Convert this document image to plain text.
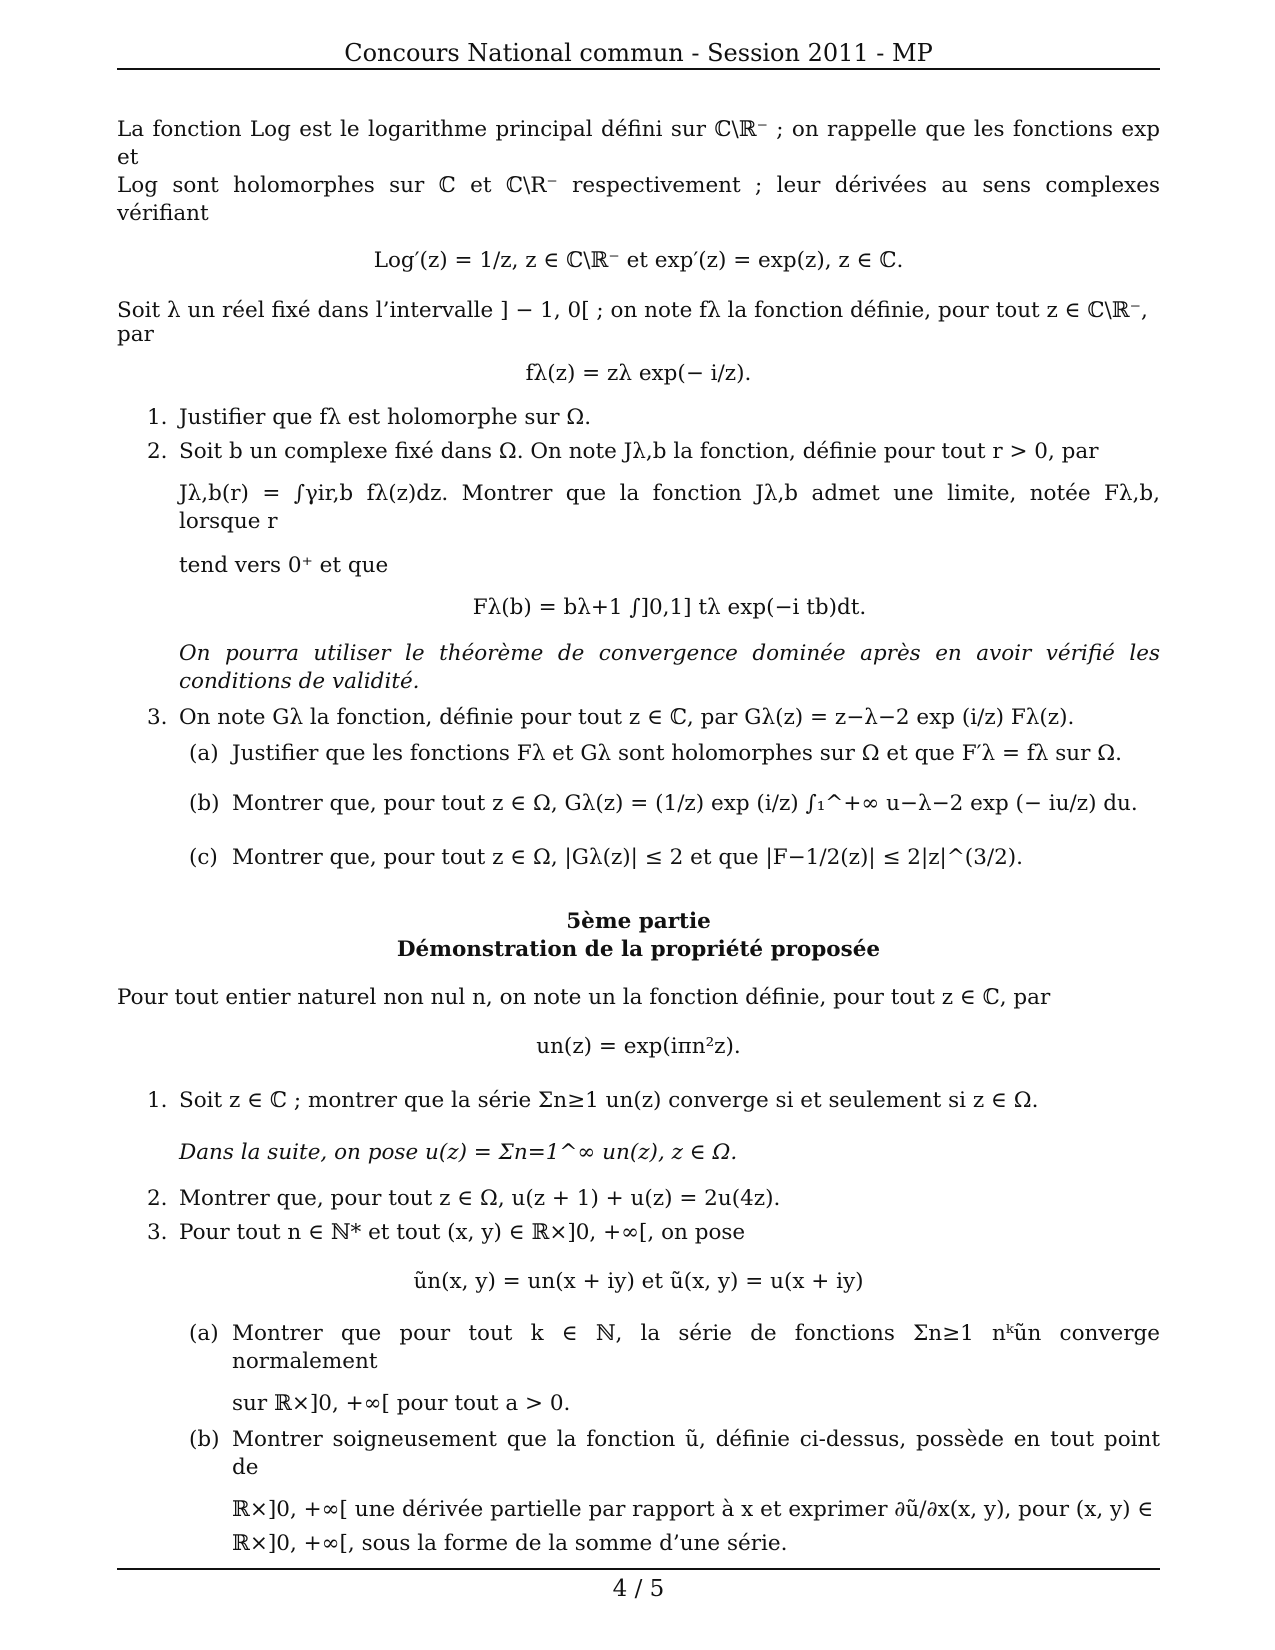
Concours National commun - Session 2011 - MP

La fonction Log est le logarithme principal défini sur ℂ\ℝ⁻ ; on rappelle que les fonctions exp et

Log sont holomorphes sur ℂ et ℂ\R⁻ respectivement ; leur dérivées au sens complexes vérifiant

Log′(z) = 1/z, z ∈ ℂ\ℝ⁻ et exp′(z) = exp(z), z ∈ ℂ.

Soit λ un réel fixé dans l’intervalle ] − 1, 0[ ; on note fλ la fonction définie, pour tout z ∈ ℂ\ℝ⁻,

par

fλ(z) = zλ exp(− i/z).

1. Justifier que fλ est holomorphe sur Ω.
2. Soit b un complexe fixé dans Ω. On note Jλ,b la fonction, définie pour tout r > 0, par
Jλ,b(r) = ∫γir,b fλ(z)dz. Montrer que la fonction Jλ,b admet une limite, notée Fλ,b, lorsque r
tend vers 0⁺ et que
Fλ(b) = bλ+1 ∫]0,1] tλ exp(−i tb)dt.
On pourra utiliser le théorème de convergence dominée après en avoir vérifié les conditions de validité.
3. On note Gλ la fonction, définie pour tout z ∈ ℂ, par Gλ(z) = z−λ−2 exp (i/z) Fλ(z).
(a) Justifier que les fonctions Fλ et Gλ sont holomorphes sur Ω et que F′λ = fλ sur Ω.
(b) Montrer que, pour tout z ∈ Ω, Gλ(z) = (1/z) exp (i/z) ∫₁^+∞ u−λ−2 exp (− iu/z) du.
(c) Montrer que, pour tout z ∈ Ω, |Gλ(z)| ≤ 2 et que |F−1/2(z)| ≤ 2|z|^(3/2).
5ème partie
Démonstration de la propriété proposée

Pour tout entier naturel non nul n, on note un la fonction définie, pour tout z ∈ ℂ, par

un(z) = exp(iπn²z).

1. Soit z ∈ ℂ ; montrer que la série Σn≥1 un(z) converge si et seulement si z ∈ Ω.
Dans la suite, on pose u(z) = Σn=1^∞ un(z), z ∈ Ω.
2. Montrer que, pour tout z ∈ Ω, u(z + 1) + u(z) = 2u(4z).
3. Pour tout n ∈ ℕ* et tout (x, y) ∈ ℝ×]0, +∞[, on pose

ũn(x, y) = un(x + iy) et ũ(x, y) = u(x + iy)

(a) Montrer que pour tout k ∈ ℕ, la série de fonctions Σn≥1 nᵏũn converge normalement
sur ℝ×]0, +∞[ pour tout a > 0.
(b) Montrer soigneusement que la fonction ũ, définie ci-dessus, possède en tout point de
ℝ×]0, +∞[ une dérivée partielle par rapport à x et exprimer ∂ũ/∂x(x, y), pour (x, y) ∈
ℝ×]0, +∞[, sous la forme de la somme d’une série.
4 / 5
